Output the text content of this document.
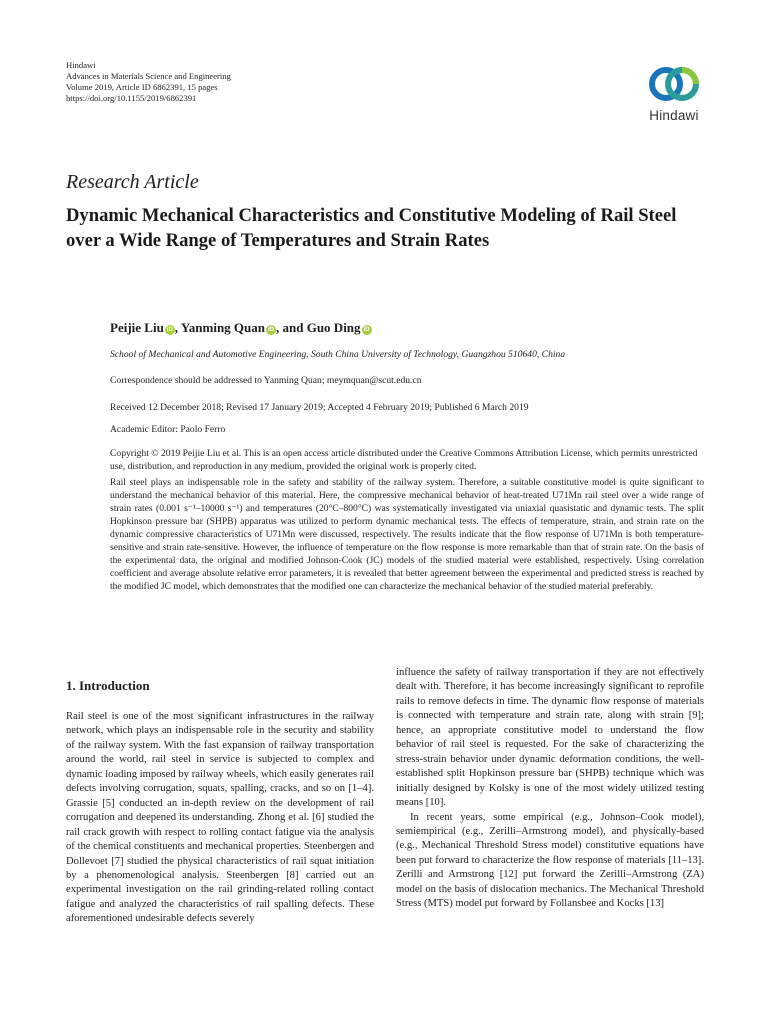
Hindawi
Advances in Materials Science and Engineering
Volume 2019, Article ID 6862391, 15 pages
https://doi.org/10.1155/2019/6862391
Hindawi
Research Article
Dynamic Mechanical Characteristics and Constitutive Modeling of Rail Steel over a Wide Range of Temperatures and Strain Rates
Peijie Liu iD , Yanming Quan iD , and Guo Ding iD
School of Mechanical and Automotive Engineering, South China University of Technology, Guangzhou 510640, China
Correspondence should be addressed to Yanming Quan; meymquan@scut.edu.cn
Received 12 December 2018; Revised 17 January 2019; Accepted 4 February 2019; Published 6 March 2019
Academic Editor: Paolo Ferro
Copyright © 2019 Peijie Liu et al. This is an open access article distributed under the Creative Commons Attribution License, which permits unrestricted use, distribution, and reproduction in any medium, provided the original work is properly cited.

Rail steel plays an indispensable role in the safety and stability of the railway system. Therefore, a suitable constitutive model is quite significant to understand the mechanical behavior of this material. Here, the compressive mechanical behavior of heat-treated U71Mn rail steel over a wide range of strain rates (0.001 s⁻¹–10000 s⁻¹) and temperatures (20°C–800°C) was systematically investigated via uniaxial quasistatic and dynamic tests. The split Hopkinson pressure bar (SHPB) apparatus was utilized to perform dynamic mechanical tests. The effects of temperature, strain, and strain rate on the dynamic compressive characteristics of U71Mn were discussed, respectively. The results indicate that the flow response of U71Mn is both temperature-sensitive and strain rate-sensitive. However, the influence of temperature on the flow response is more remarkable than that of strain rate. On the basis of the experimental data, the original and modified Johnson-Cook (JC) models of the studied material were established, respectively. Using correlation coefficient and average absolute relative error parameters, it is revealed that better agreement between the experimental and predicted stress is reached by the modified JC model, which demonstrates that the modified one can characterize the mechanical behavior of the studied material preferably.

1. Introduction

Rail steel is one of the most significant infrastructures in the railway network, which plays an indispensable role in the security and stability of the railway system. With the fast expansion of railway transportation around the world, rail steel in service is subjected to complex and dynamic loading imposed by railway wheels, which easily generates rail defects involving corrugation, squats, spalling, cracks, and so on [1–4]. Grassie [5] conducted an in-depth review on the development of rail corrugation and deepened its understanding. Zhong et al. [6] studied the rail crack growth with respect to rolling contact fatigue via the analysis of the chemical constituents and mechanical properties. Steenbergen and Dollevoet [7] studied the physical characteristics of rail squat initiation by a phenomenological analysis. Steenbergen [8] carried out an experimental investigation on the rail grinding-related rolling contact fatigue and analyzed the characteristics of rail spalling defects. These aforementioned undesirable defects severely

influence the safety of railway transportation if they are not effectively dealt with. Therefore, it has become increasingly significant to reprofile rails to remove defects in time. The dynamic flow response of materials is connected with temperature and strain rate, along with strain [9]; hence, an appropriate constitutive model to understand the flow behavior of rail steel is requested. For the sake of characterizing the stress-strain behavior under dynamic deformation conditions, the well-established split Hopkinson pressure bar (SHPB) technique which was initially designed by Kolsky is one of the most widely utilized testing means [10].

In recent years, some empirical (e.g., Johnson–Cook model), semiempirical (e.g., Zerilli–Armstrong model), and physically-based (e.g., Mechanical Threshold Stress model) constitutive equations have been put forward to characterize the flow response of materials [11–13]. Zerilli and Armstrong [12] put forward the Zerilli–Armstrong (ZA) model on the basis of dislocation mechanics. The Mechanical Threshold Stress (MTS) model put forward by Follansbee and Kocks [13]
